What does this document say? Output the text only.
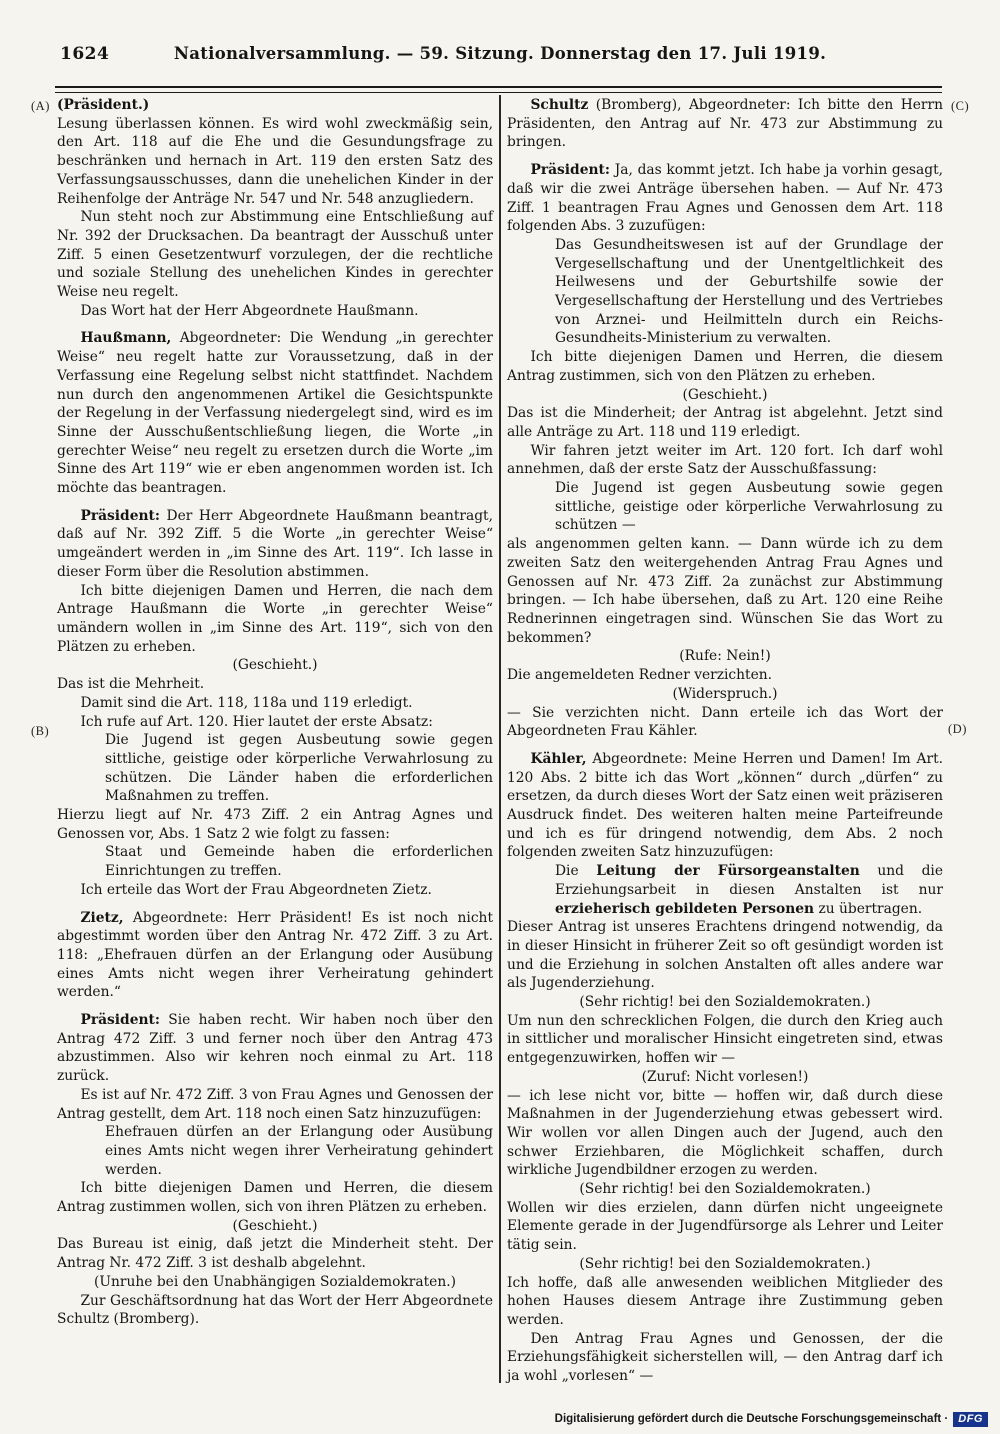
1624	Nationalversammlung. — 59. Sitzung. Donnerstag den 17. Juli 1919.
(A)
(B)
(C)
(D)

(Präsident.)

Lesung überlassen können. Es wird wohl zweckmäßig sein, den Art. 118 auf die Ehe und die Gesundungsfrage zu beschränken und hernach in Art. 119 den ersten Satz des Verfassungsausschusses, dann die unehelichen Kinder in der Reihenfolge der Anträge Nr. 547 und Nr. 548 anzugliedern.

Nun steht noch zur Abstimmung eine Entschließung auf Nr. 392 der Drucksachen. Da beantragt der Ausschuß unter Ziff. 5 einen Gesetzentwurf vorzulegen, der die rechtliche und soziale Stellung des unehelichen Kindes in gerechter Weise neu regelt.

Das Wort hat der Herr Abgeordnete Haußmann.

Haußmann, Abgeordneter: Die Wendung „in gerechter Weise“ neu regelt hatte zur Voraussetzung, daß in der Verfassung eine Regelung selbst nicht stattfindet. Nachdem nun durch den angenommenen Artikel die Gesichtspunkte der Regelung in der Verfassung niedergelegt sind, wird es im Sinne der Ausschußentschließung liegen, die Worte „in gerechter Weise“ neu regelt zu ersetzen durch die Worte „im Sinne des Art 119“ wie er eben angenommen worden ist. Ich möchte das beantragen.

Präsident: Der Herr Abgeordnete Haußmann beantragt, daß auf Nr. 392 Ziff. 5 die Worte „in gerechter Weise“ umgeändert werden in „im Sinne des Art. 119“. Ich lasse in dieser Form über die Resolution abstimmen.

Ich bitte diejenigen Damen und Herren, die nach dem Antrage Haußmann die Worte „in gerechter Weise“ umändern wollen in „im Sinne des Art. 119“, sich von den Plätzen zu erheben.

(Geschieht.)

Das ist die Mehrheit.

Damit sind die Art. 118, 118a und 119 erledigt.

Ich rufe auf Art. 120. Hier lautet der erste Absatz:

Die Jugend ist gegen Ausbeutung sowie gegen sittliche, geistige oder körperliche Verwahrlosung zu schützen. Die Länder haben die erforderlichen Maßnahmen zu treffen.

Hierzu liegt auf Nr. 473 Ziff. 2 ein Antrag Agnes und Genossen vor, Abs. 1 Satz 2 wie folgt zu fassen:

Staat und Gemeinde haben die erforderlichen Einrichtungen zu treffen.

Ich erteile das Wort der Frau Abgeordneten Zietz.

Zietz, Abgeordnete: Herr Präsident! Es ist noch nicht abgestimmt worden über den Antrag Nr. 472 Ziff. 3 zu Art. 118: „Ehefrauen dürfen an der Erlangung oder Ausübung eines Amts nicht wegen ihrer Verheiratung gehindert werden.“

Präsident: Sie haben recht. Wir haben noch über den Antrag 472 Ziff. 3 und ferner noch über den Antrag 473 abzustimmen. Also wir kehren noch einmal zu Art. 118 zurück.

Es ist auf Nr. 472 Ziff. 3 von Frau Agnes und Genossen der Antrag gestellt, dem Art. 118 noch einen Satz hinzuzufügen:

Ehefrauen dürfen an der Erlangung oder Ausübung eines Amts nicht wegen ihrer Verheiratung gehindert werden.

Ich bitte diejenigen Damen und Herren, die diesem Antrag zustimmen wollen, sich von ihren Plätzen zu erheben.

(Geschieht.)

Das Bureau ist einig, daß jetzt die Minderheit steht. Der Antrag Nr. 472 Ziff. 3 ist deshalb abgelehnt.

(Unruhe bei den Unabhängigen Sozialdemokraten.)

Zur Geschäftsordnung hat das Wort der Herr Abgeordnete Schultz (Bromberg).

Schultz (Bromberg), Abgeordneter: Ich bitte den Herrn Präsidenten, den Antrag auf Nr. 473 zur Abstimmung zu bringen.

Präsident: Ja, das kommt jetzt. Ich habe ja vorhin gesagt, daß wir die zwei Anträge übersehen haben. — Auf Nr. 473 Ziff. 1 beantragen Frau Agnes und Genossen dem Art. 118 folgenden Abs. 3 zuzufügen:

Das Gesundheitswesen ist auf der Grundlage der Vergesellschaftung und der Unentgeltlichkeit des Heilwesens und der Geburtshilfe sowie der Vergesellschaftung der Herstellung und des Vertriebes von Arznei- und Heilmitteln durch ein Reichs-Gesundheits-Ministerium zu verwalten.

Ich bitte diejenigen Damen und Herren, die diesem Antrag zustimmen, sich von den Plätzen zu erheben.

(Geschieht.)

Das ist die Minderheit; der Antrag ist abgelehnt. Jetzt sind alle Anträge zu Art. 118 und 119 erledigt.

Wir fahren jetzt weiter im Art. 120 fort. Ich darf wohl annehmen, daß der erste Satz der Ausschußfassung:

Die Jugend ist gegen Ausbeutung sowie gegen sittliche, geistige oder körperliche Verwahrlosung zu schützen —

als angenommen gelten kann. — Dann würde ich zu dem zweiten Satz den weitergehenden Antrag Frau Agnes und Genossen auf Nr. 473 Ziff. 2a zunächst zur Abstimmung bringen. — Ich habe übersehen, daß zu Art. 120 eine Reihe Rednerinnen eingetragen sind. Wünschen Sie das Wort zu bekommen?

(Rufe: Nein!)

Die angemeldeten Redner verzichten.

(Widerspruch.)

— Sie verzichten nicht. Dann erteile ich das Wort der Abgeordneten Frau Kähler.

Kähler, Abgeordnete: Meine Herren und Damen! Im Art. 120 Abs. 2 bitte ich das Wort „können“ durch „dürfen“ zu ersetzen, da durch dieses Wort der Satz einen weit präziseren Ausdruck findet. Des weiteren halten meine Parteifreunde und ich es für dringend notwendig, dem Abs. 2 noch folgenden zweiten Satz hinzuzufügen:

Die Leitung der Fürsorgeanstalten und die Erziehungsarbeit in diesen Anstalten ist nur erzieherisch gebildeten Personen zu übertragen.

Dieser Antrag ist unseres Erachtens dringend notwendig, da in dieser Hinsicht in früherer Zeit so oft gesündigt worden ist und die Erziehung in solchen Anstalten oft alles andere war als Jugenderziehung.

(Sehr richtig! bei den Sozialdemokraten.)

Um nun den schrecklichen Folgen, die durch den Krieg auch in sittlicher und moralischer Hinsicht eingetreten sind, etwas entgegenzuwirken, hoffen wir —

(Zuruf: Nicht vorlesen!)

— ich lese nicht vor, bitte — hoffen wir, daß durch diese Maßnahmen in der Jugenderziehung etwas gebessert wird. Wir wollen vor allen Dingen auch der Jugend, auch den schwer Erziehbaren, die Möglichkeit schaffen, durch wirkliche Jugendbildner erzogen zu werden.

(Sehr richtig! bei den Sozialdemokraten.)

Wollen wir dies erzielen, dann dürfen nicht ungeeignete Elemente gerade in der Jugendfürsorge als Lehrer und Leiter tätig sein.

(Sehr richtig! bei den Sozialdemokraten.)

Ich hoffe, daß alle anwesenden weiblichen Mitglieder des hohen Hauses diesem Antrage ihre Zustimmung geben werden.

Den Antrag Frau Agnes und Genossen, der die Erziehungsfähigkeit sicherstellen will, — den Antrag darf ich ja wohl „vorlesen“ —

Digitalisierung gefördert durch die Deutsche Forschungsgemeinschaft · DFG
